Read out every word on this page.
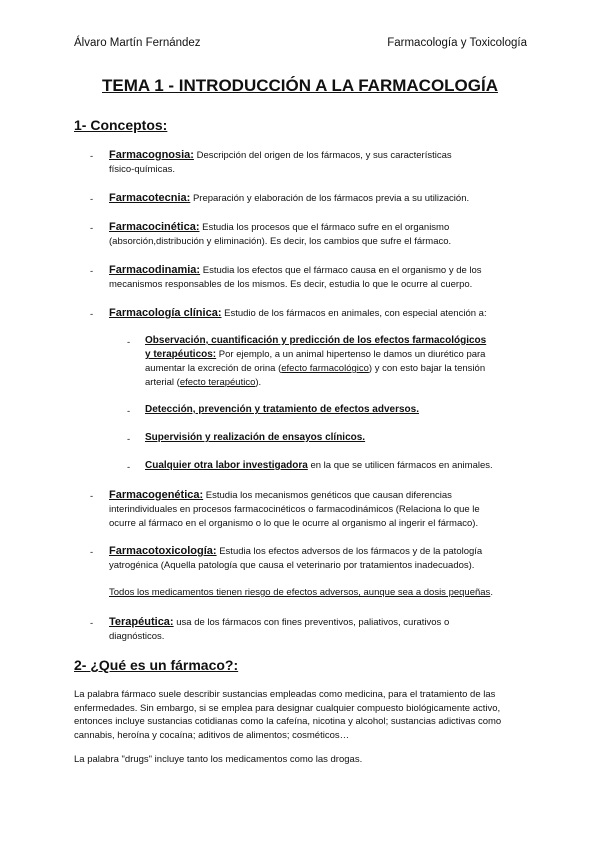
Álvaro Martín Fernández	Farmacología y Toxicología
TEMA 1 - INTRODUCCIÓN A LA FARMACOLOGÍA
1- Conceptos:
- Farmacognosia: Descripción del origen de los fármacos, y sus características
físico-químicas.
- Farmacotecnia: Preparación y elaboración de los fármacos previa a su utilización.
- Farmacocinética: Estudia los procesos que el fármaco sufre en el organismo
(absorción,distribución y eliminación). Es decir, los cambios que sufre el fármaco.
- Farmacodinamia: Estudia los efectos que el fármaco causa en el organismo y de los
mecanismos responsables de los mismos. Es decir, estudia lo que le ocurre al cuerpo.
- Farmacología clínica: Estudio de los fármacos en animales, con especial atención a:
- Observación, cuantificación y predicción de los efectos farmacológicos
y terapéuticos: Por ejemplo, a un animal hipertenso le damos un diurético para
aumentar la excreción de orina (efecto farmacológico) y con esto bajar la tensión
arterial (efecto terapéutico).
- Detección, prevención y tratamiento de efectos adversos.
- Supervisión y realización de ensayos clínicos.
- Cualquier otra labor investigadora en la que se utilicen fármacos en animales.
- Farmacogenética: Estudia los mecanismos genéticos que causan diferencias
interindividuales en procesos farmacocinéticos o farmacodinámicos (Relaciona lo que le
ocurre al fármaco en el organismo o lo que le ocurre al organismo al ingerir el fármaco).
- Farmacotoxicología: Estudia los efectos adversos de los fármacos y de la patología
yatrogénica (Aquella patología que causa el veterinario por tratamientos inadecuados).
Todos los medicamentos tienen riesgo de efectos adversos, aunque sea a dosis pequeñas.
- Terapéutica: usa de los fármacos con fines preventivos, paliativos, curativos o
diagnósticos.
2- ¿Qué es un fármaco?:
La palabra fármaco suele describir sustancias empleadas como medicina, para el tratamiento de las
enfermedades. Sin embargo, si se emplea para designar cualquier compuesto biológicamente activo,
entonces incluye sustancias cotidianas como la cafeína, nicotina y alcohol; sustancias adictivas como
cannabis, heroína y cocaína; aditivos de alimentos; cosméticos…
La palabra "drugs" incluye tanto los medicamentos como las drogas.
